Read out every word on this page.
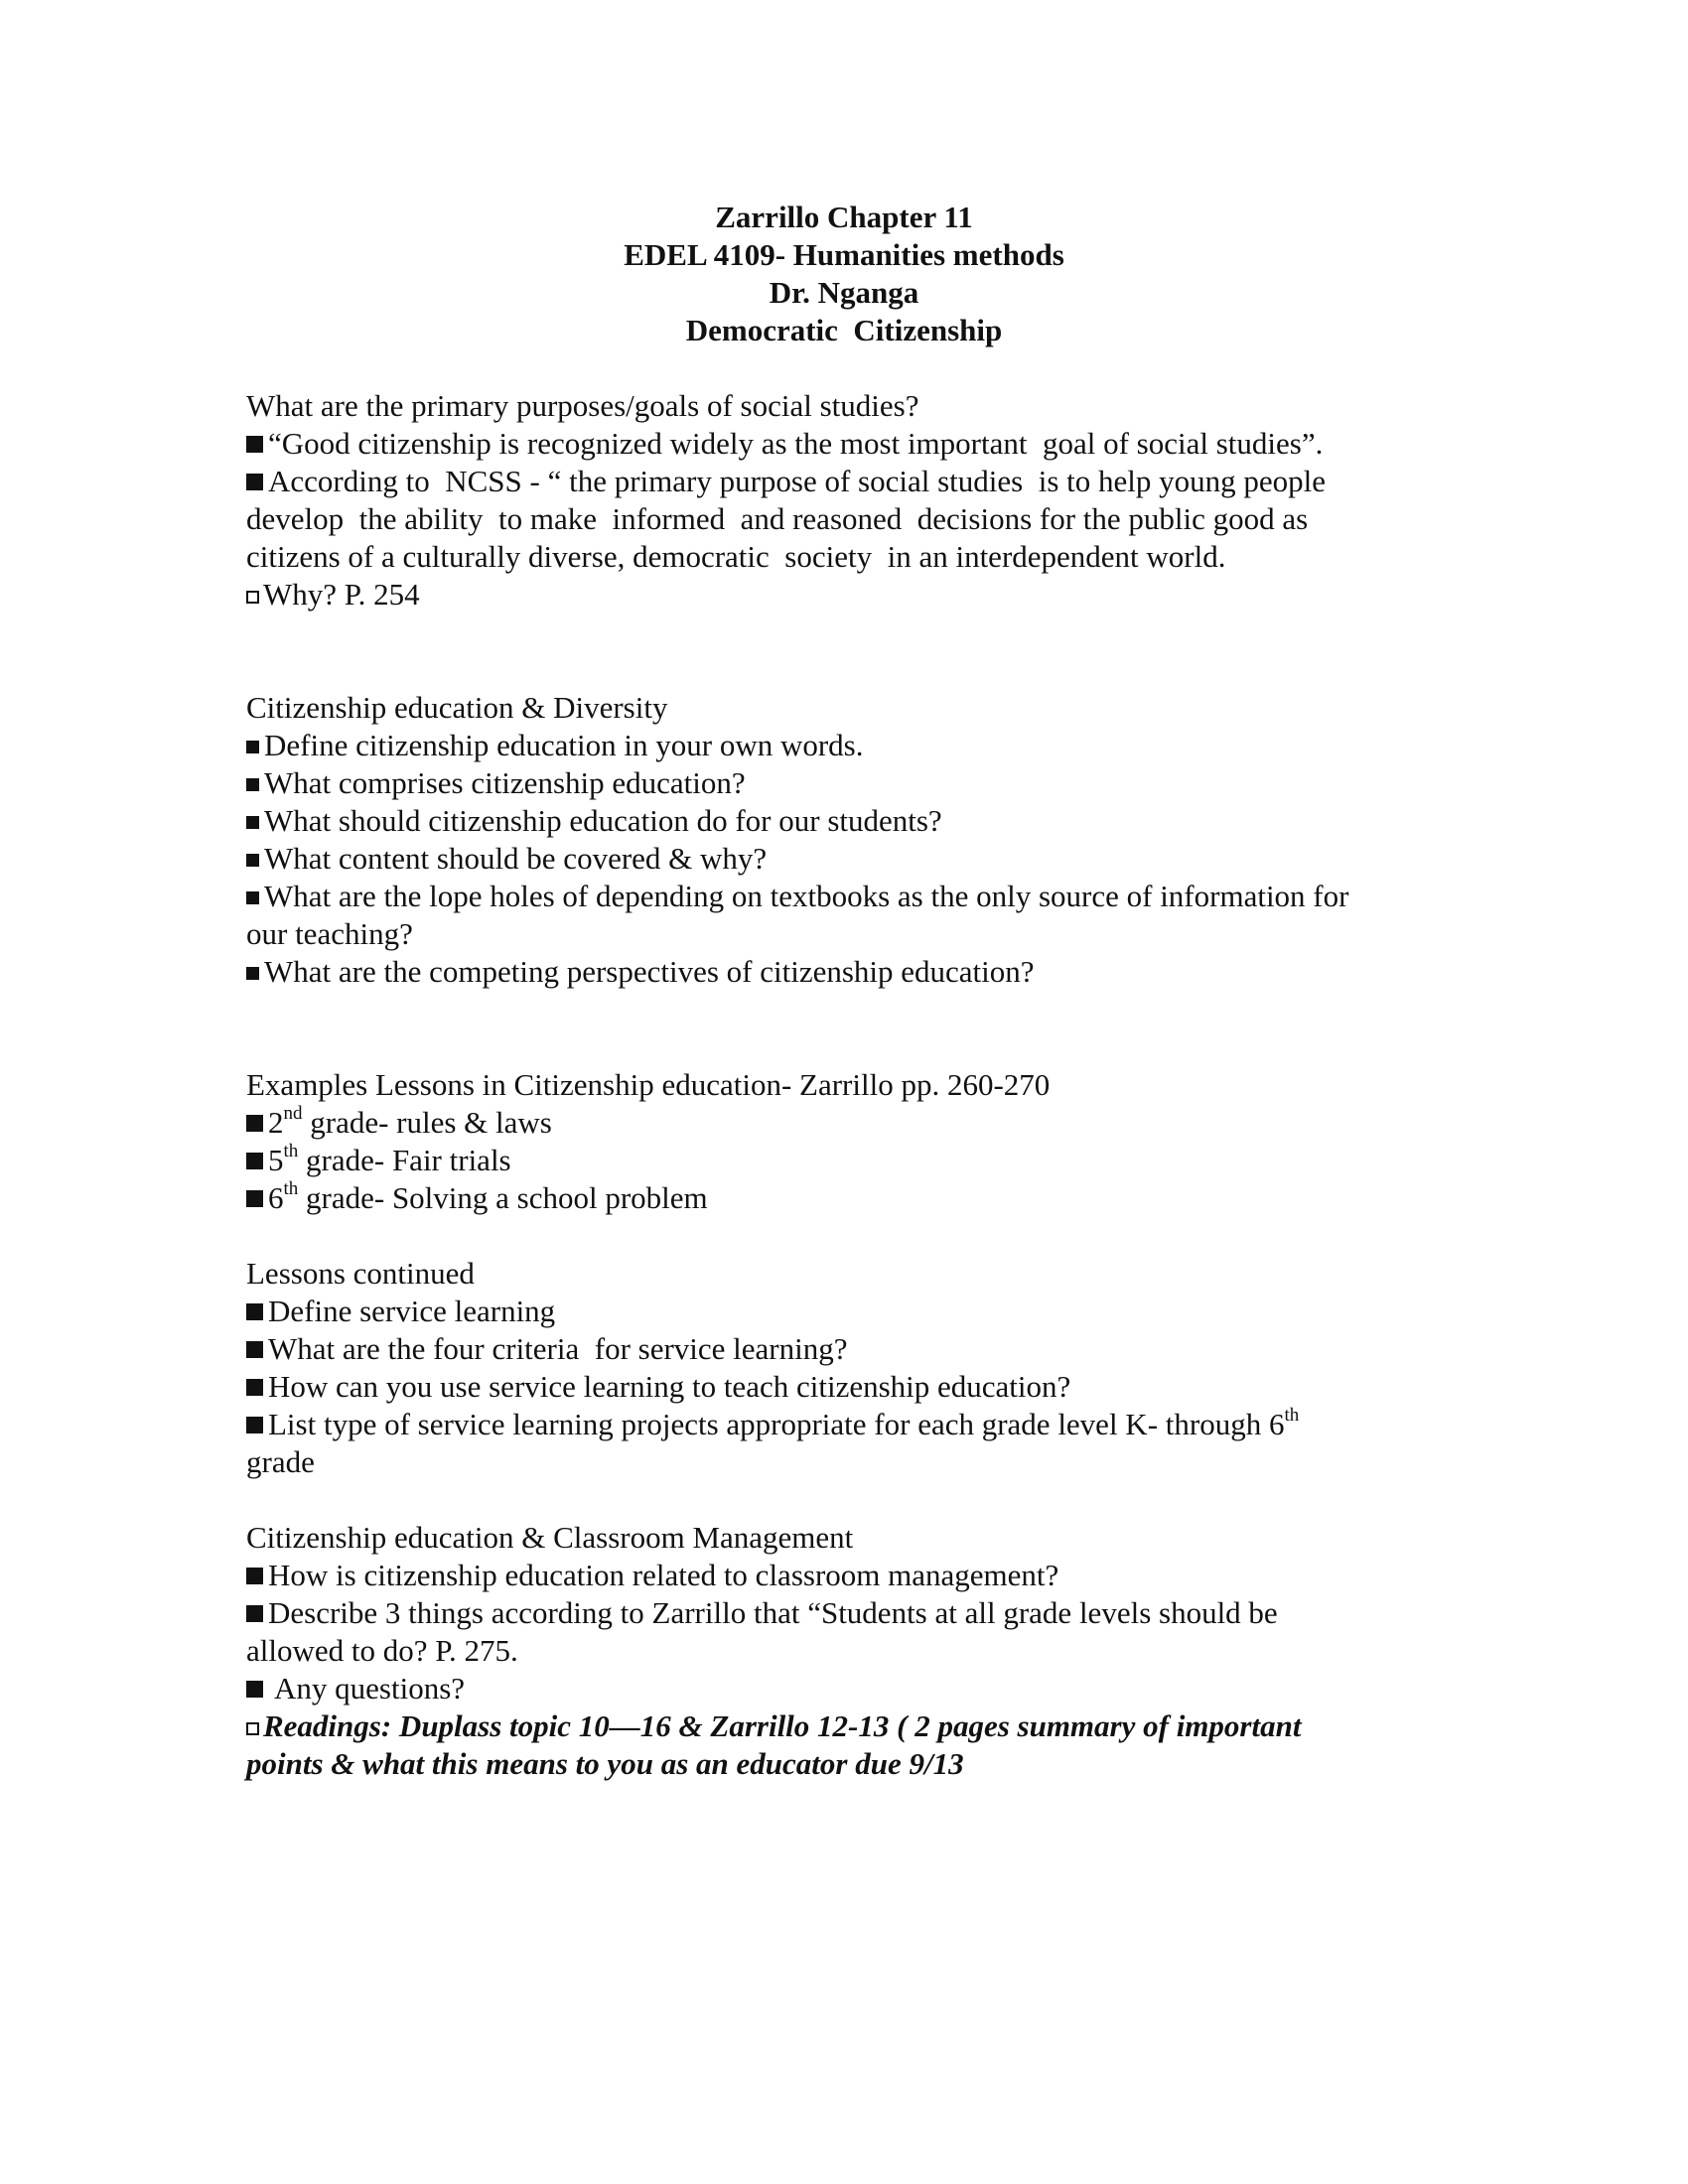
Zarrillo Chapter 11
EDEL 4109- Humanities methods
Dr. Nganga
Democratic  Citizenship

What are the primary purposes/goals of social studies?

“Good citizenship is recognized widely as the most important  goal of social studies”.

According to  NCSS - “ the primary purpose of social studies  is to help young people

develop  the ability  to make  informed  and reasoned  decisions for the public good as

citizens of a culturally diverse, democratic  society  in an interdependent world.

Why? P. 254

Citizenship education & Diversity

Define citizenship education in your own words.

What comprises citizenship education?

What should citizenship education do for our students?

What content should be covered & why?

What are the lope holes of depending on textbooks as the only source of information for

our teaching?

What are the competing perspectives of citizenship education?

Examples Lessons in Citizenship education- Zarrillo pp. 260-270

2nd grade- rules & laws

5th grade- Fair trials

6th grade- Solving a school problem

Lessons continued

Define service learning

What are the four criteria  for service learning?

How can you use service learning to teach citizenship education?

List type of service learning projects appropriate for each grade level K- through 6th

grade

Citizenship education & Classroom Management

How is citizenship education related to classroom management?

Describe 3 things according to Zarrillo that “Students at all grade levels should be

allowed to do? P. 275.

Any questions?

Readings: Duplass topic 10—16 & Zarrillo 12-13 ( 2 pages summary of important

points & what this means to you as an educator due 9/13
